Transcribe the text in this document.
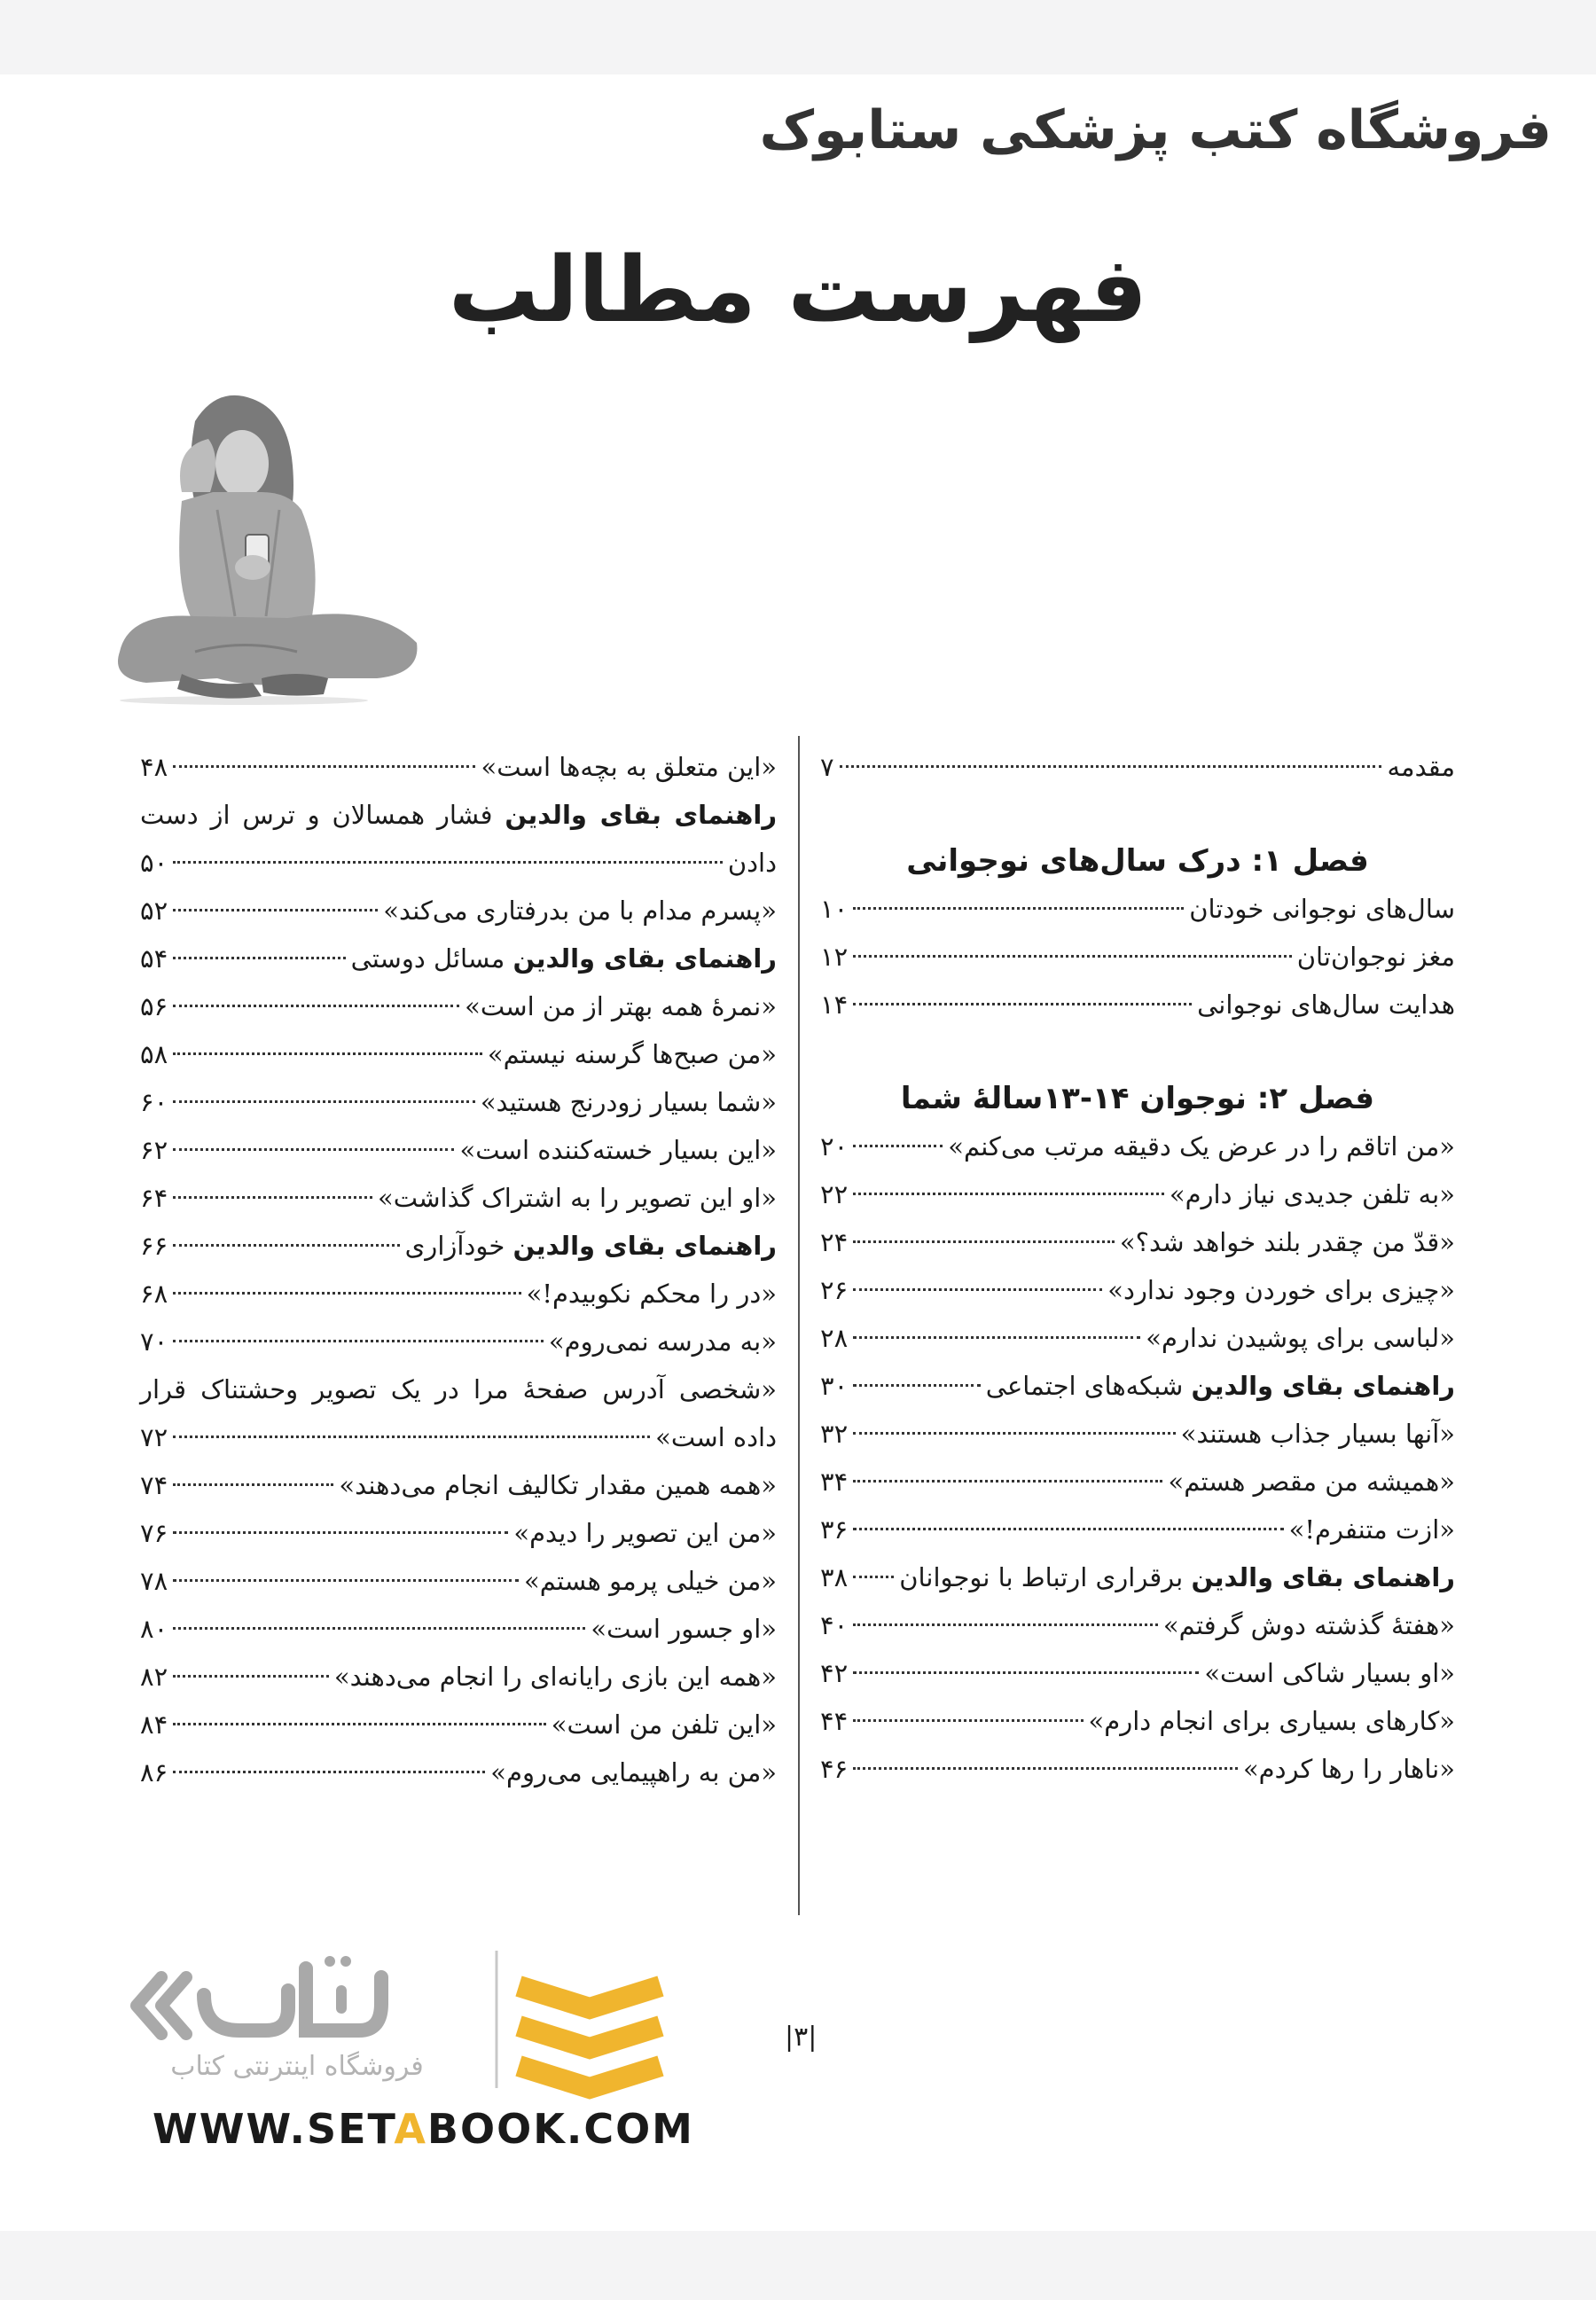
فروشگاه کتب پزشکی ستابوک
فهرست مطالب
مقدمه
۷
فصل ۱: درک سال‌های نوجوانی
سال‌های نوجوانی خودتان
۱۰
مغز نوجوان‌تان
۱۲
هدایت سال‌های نوجوانی
۱۴
فصل ۲: نوجوان ۱۴-۱۳ساله‌ٔ شما
«من اتاقم را در عرض یک دقیقه مرتب می‌کنم»
۲۰
«به تلفن جدیدی نیاز دارم»
۲۲
«قدّ من چقدر بلند خواهد شد؟»
۲۴
«چیزی برای خوردن وجود ندارد»
۲۶
«لباسی برای پوشیدن ندارم»
۲۸
راهنمای بقای والدین شبکه‌های اجتماعی
۳۰
«آنها بسیار جذاب هستند»
۳۲
«همیشه من مقصر هستم»
۳۴
«ازت متنفرم!»
۳۶
راهنمای بقای والدین برقراری ارتباط با نوجوانان
۳۸
«هفتهٔ گذشته دوش گرفتم»
۴۰
«او بسیار شاکی است»
۴۲
«کارهای بسیاری برای انجام دارم»
۴۴
«ناهار را رها کردم»
۴۶
«این متعلق به بچه‌ها است»
۴۸
راهنمای بقای والدین فشار همسالان و ترس از دست
دادن
۵۰
«پسرم مدام با من بدرفتاری می‌کند»
۵۲
راهنمای بقای والدین مسائل دوستی
۵۴
«نمرهٔ همه بهتر از من است»
۵۶
«من صبح‌ها گرسنه نیستم»
۵۸
«شما بسیار زودرنج هستید»
۶۰
«این بسیار خسته‌کننده است»
۶۲
«او این تصویر را به اشتراک گذاشت»
۶۴
راهنمای بقای والدین خودآزاری
۶۶
«در را محکم نکوبیدم!»
۶۸
«به مدرسه نمی‌روم»
۷۰
«شخصی آدرس صفحهٔ مرا در یک تصویر وحشتناک قرار
داده است»
۷۲
«همه همین مقدار تکالیف انجام می‌دهند»
۷۴
«من این تصویر را دیدم»
۷۶
«من خیلی پرمو هستم»
۷۸
«او جسور است»
۸۰
«همه این بازی رایانه‌ای را انجام می‌دهند»
۸۲
«این تلفن من است»
۸۴
«من به راهپیمایی می‌روم»
۸۶
|۳|
فروشگاه اینترنتی کتاب
WWW.SETABOOK.COM
